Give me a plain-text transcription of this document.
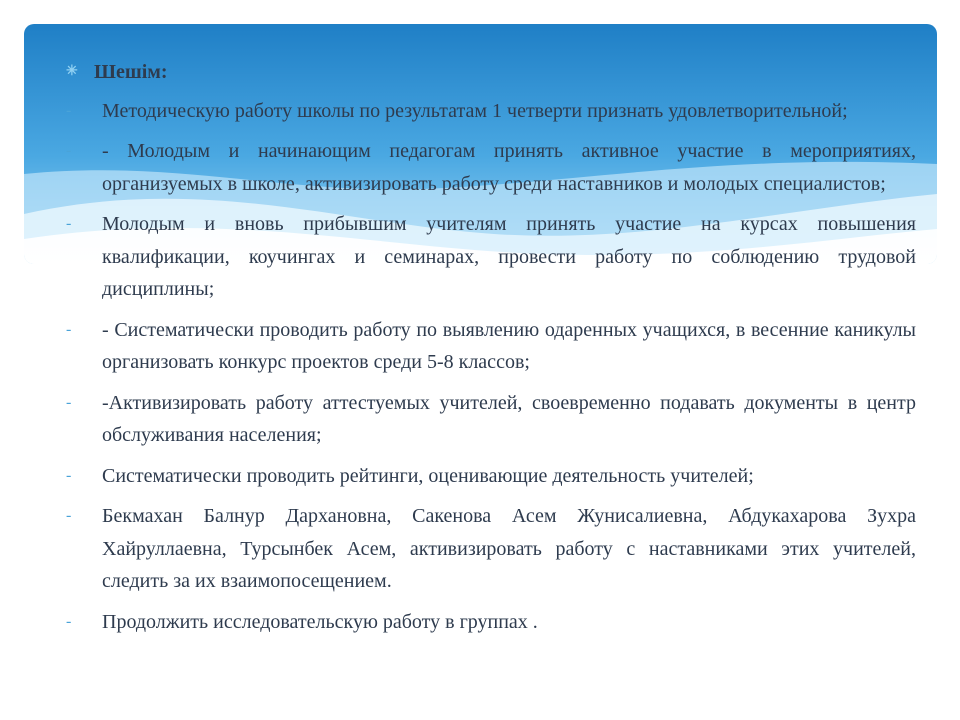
✳ Шешім:
- Методическую работу школы по результатам 1 четверти признать удовлетворительной;
- - Молодым и начинающим педагогам принять активное участие в мероприятиях, организуемых в школе, активизировать работу среди наставников и молодых специалистов;
- Молодым и вновь прибывшим учителям принять участие на курсах повышения квалификации, коучингах и семинарах, провести работу по соблюдению трудовой дисциплины;
- - Систематически проводить работу по выявлению одаренных учащихся, в весенние каникулы организовать конкурс проектов среди 5-8 классов;
- -Активизировать работу аттестуемых учителей, своевременно подавать документы в центр обслуживания населения;
- Систематически проводить рейтинги, оценивающие деятельность учителей;
- Бекмахан Балнур Дархановна, Сакенова Асем Жунисалиевна, Абдукахарова Зухра Хайруллаевна, Турсынбек Асем, активизировать работу с наставниками этих учителей, следить за их взаимопосещением.
- Продолжить исследовательскую работу в группах .
